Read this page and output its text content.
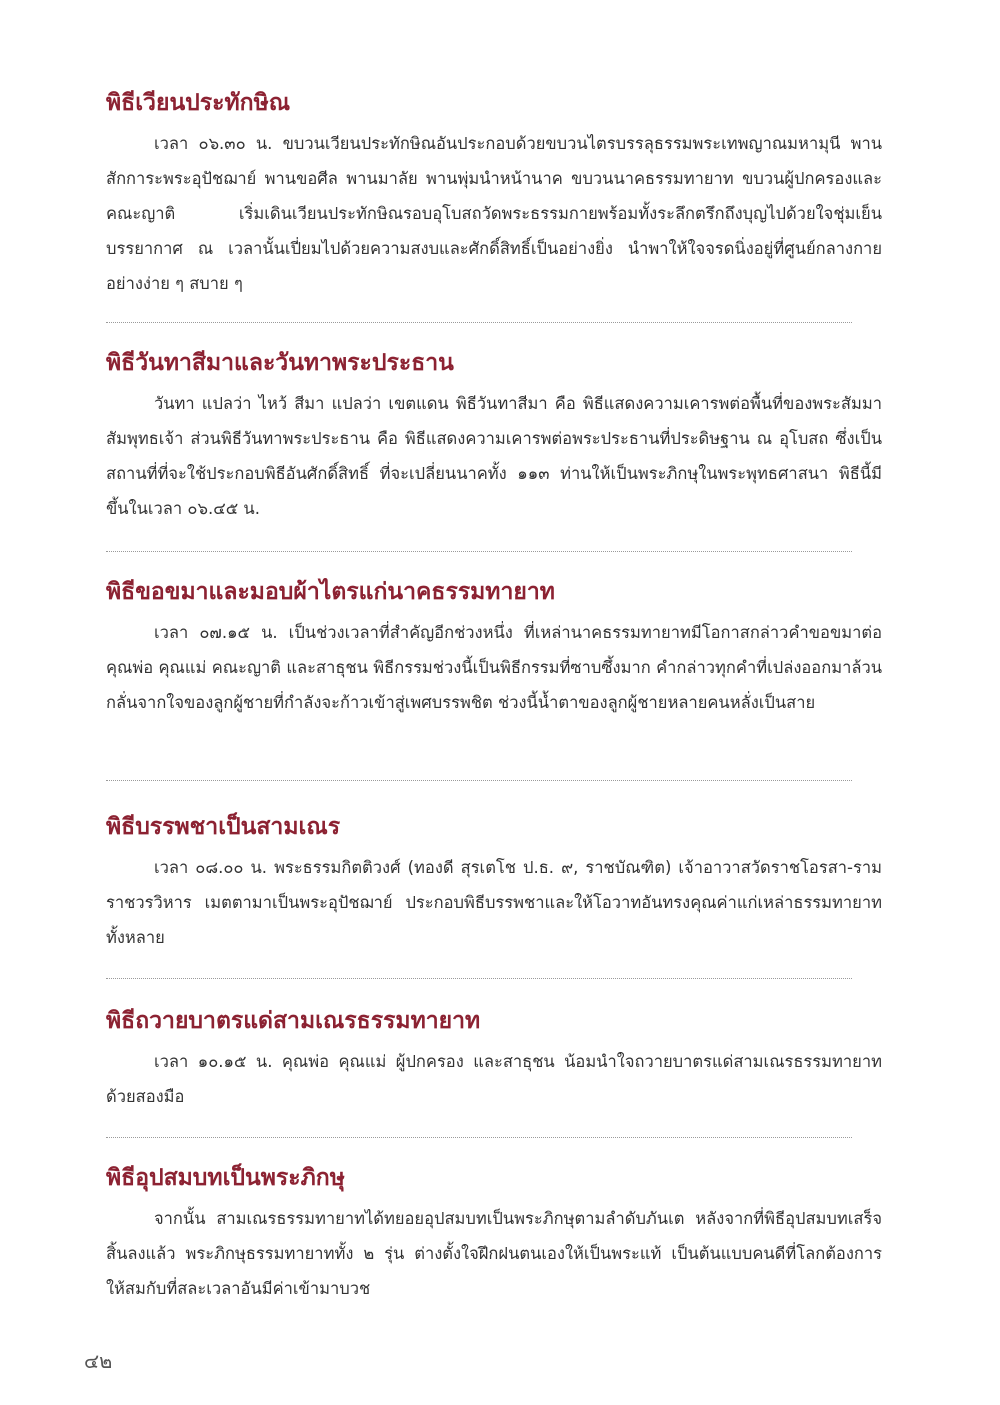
พิธีเวียนประทักษิณ

เวลา ๐๖.๓๐ น. ขบวนเวียนประทักษิณอันประกอบด้วยขบวนไตรบรรลุธรรมพระเทพญาณมหามุนี พานสักการะพระอุปัชฌาย์ พานขอศีล พานมาลัย พานพุ่มนำหน้านาค ขบวนนาคธรรมทายาท ขบวนผู้ปกครองและคณะญาติ เริ่มเดินเวียนประทักษิณรอบอุโบสถวัดพระธรรมกายพร้อมทั้งระลึกตรึกถึงบุญไปด้วยใจชุ่มเย็น บรรยากาศ ณ เวลานั้นเปี่ยมไปด้วยความสงบและศักดิ์สิทธิ์เป็นอย่างยิ่ง นำพาให้ใจจรดนิ่งอยู่ที่ศูนย์กลางกายอย่างง่าย ๆ สบาย ๆ

พิธีวันทาสีมาและวันทาพระประธาน

วันทา แปลว่า ไหว้ สีมา แปลว่า เขตแดน พิธีวันทาสีมา คือ พิธีแสดงความเคารพต่อพื้นที่ของพระสัมมาสัมพุทธเจ้า ส่วนพิธีวันทาพระประธาน คือ พิธีแสดงความเคารพต่อพระประธานที่ประดิษฐาน ณ อุโบสถ ซึ่งเป็นสถานที่ที่จะใช้ประกอบพิธีอันศักดิ์สิทธิ์ ที่จะเปลี่ยนนาคทั้ง ๑๑๓ ท่านให้เป็นพระภิกษุในพระพุทธศาสนา พิธีนี้มีขึ้นในเวลา ๐๖.๔๕ น.

พิธีขอขมาและมอบผ้าไตรแก่นาคธรรมทายาท

เวลา ๐๗.๑๕ น. เป็นช่วงเวลาที่สำคัญอีกช่วงหนึ่ง ที่เหล่านาคธรรมทายาทมีโอกาสกล่าวคำขอขมาต่อคุณพ่อ คุณแม่ คณะญาติ และสาธุชน พิธีกรรมช่วงนี้เป็นพิธีกรรมที่ซาบซึ้งมาก คำกล่าวทุกคำที่เปล่งออกมาล้วนกลั่นจากใจของลูกผู้ชายที่กำลังจะก้าวเข้าสู่เพศบรรพชิต ช่วงนี้น้ำตาของลูกผู้ชายหลายคนหลั่งเป็นสาย

พิธีบรรพชาเป็นสามเณร

เวลา ๐๘.๐๐ น. พระธรรมกิตติวงศ์ (ทองดี สุรเตโช ป.ธ. ๙, ราชบัณฑิต) เจ้าอาวาสวัดราชโอรสา-รามราชวรวิหาร เมตตามาเป็นพระอุปัชฌาย์ ประกอบพิธีบรรพชาและให้โอวาทอันทรงคุณค่าแก่เหล่าธรรมทายาททั้งหลาย

พิธีถวายบาตรแด่สามเณรธรรมทายาท

เวลา ๑๐.๑๕ น. คุณพ่อ คุณแม่ ผู้ปกครอง และสาธุชน น้อมนำใจถวายบาตรแด่สามเณรธรรมทายาทด้วยสองมือ

พิธีอุปสมบทเป็นพระภิกษุ

จากนั้น สามเณรธรรมทายาทได้ทยอยอุปสมบทเป็นพระภิกษุตามลำดับภันเต หลังจากที่พิธีอุปสมบทเสร็จสิ้นลงแล้ว พระภิกษุธรรมทายาททั้ง ๒ รุ่น ต่างตั้งใจฝึกฝนตนเองให้เป็นพระแท้ เป็นต้นแบบคนดีที่โลกต้องการ ให้สมกับที่สละเวลาอันมีค่าเข้ามาบวช

๔๒
